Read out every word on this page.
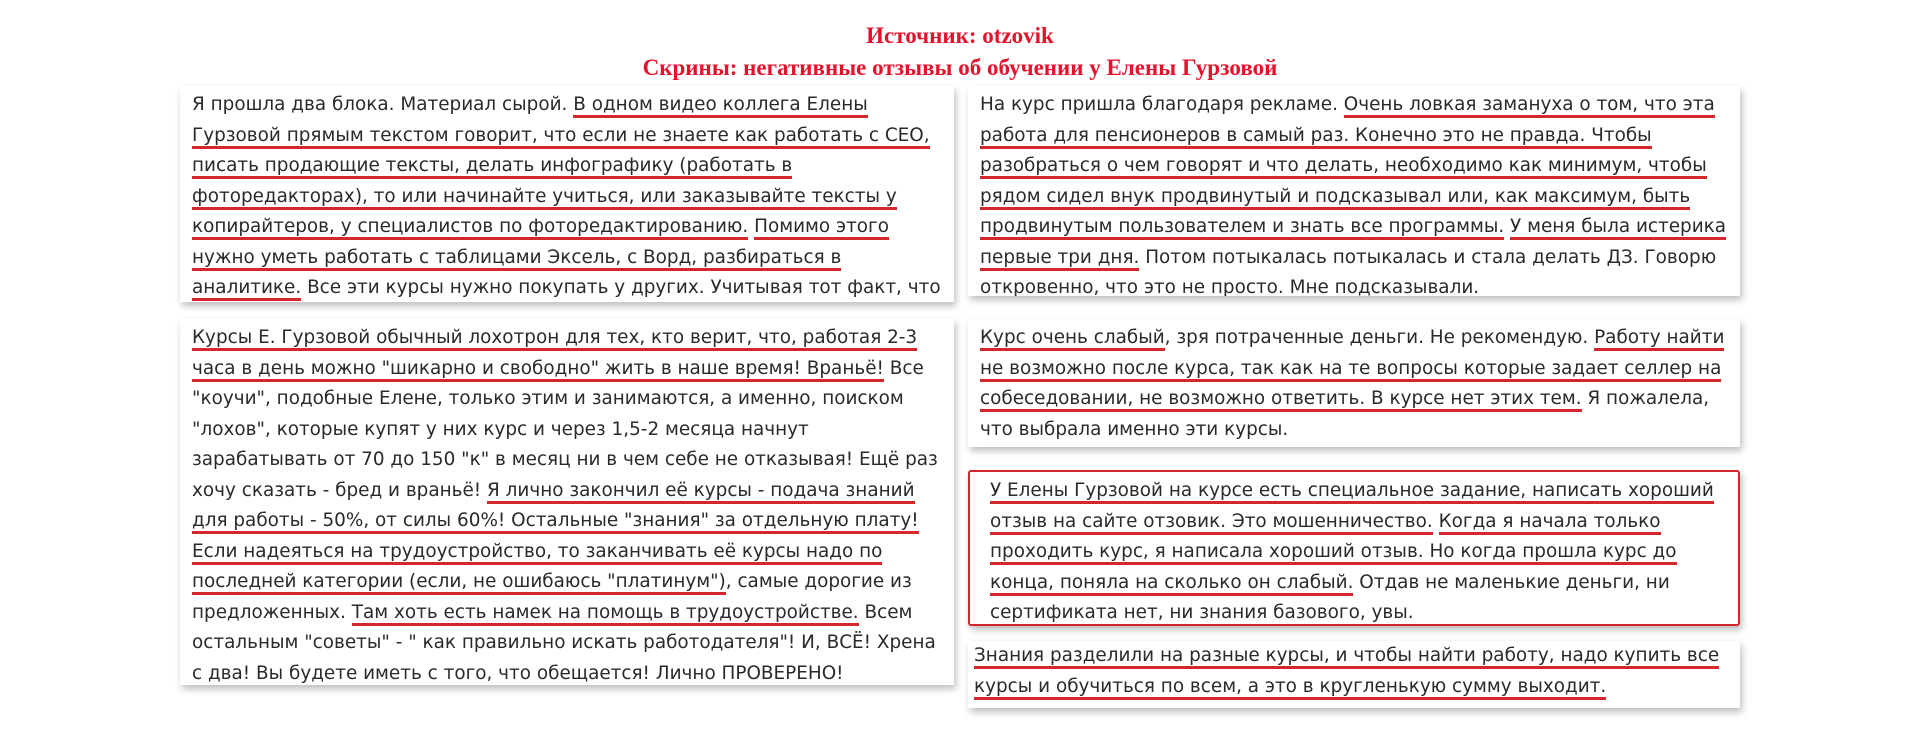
Источник: otzovik
Скрины: негативные отзывы об обучении у Елены Гурзовой
Я прошла два блока. Материал сырой. В одном видео коллега Елены Гурзовой прямым текстом говорит, что если не знаете как работать с СЕО, писать продающие тексты, делать инфографику (работать в фоторедакторах), то или начинайте учиться, или заказывайте тексты у копирайтеров, у специалистов по фоторедактированию. Помимо этого нужно уметь работать с таблицами Эксель, с Ворд, разбираться в аналитике. Все эти курсы нужно покупать у других. Учитывая тот факт, что
На курс пришла благодаря рекламе. Очень ловкая замануха о том, что эта работа для пенсионеров в самый раз. Конечно это не правда. Чтобы разобраться о чем говорят и что делать, необходимо как минимум, чтобы рядом сидел внук продвинутый и подсказывал или, как максимум, быть продвинутым пользователем и знать все программы. У меня была истерика первые три дня. Потом потыкалась потыкалась и стала делать ДЗ. Говорю откровенно, что это не просто. Мне подсказывали.
Курсы Е. Гурзовой обычный лохотрон для тех, кто верит, что, работая 2-3 часа в день можно "шикарно и свободно" жить в наше время! Враньё! Все "коучи", подобные Елене, только этим и занимаются, а именно, поиском "лохов", которые купят у них курс и через 1,5-2 месяца начнут зарабатывать от 70 до 150 "к" в месяц ни в чем себе не отказывая! Ещё раз хочу сказать - бред и враньё! Я лично закончил её курсы - подача знаний для работы - 50%, от силы 60%! Остальные "знания" за отдельную плату! Если надеяться на трудоустройство, то заканчивать её курсы надо по последней категории (если, не ошибаюсь "платинум"), самые дорогие из предложенных. Там хоть есть намек на помощь в трудоустройстве. Всем остальным "советы" - " как правильно искать работодателя"! И, ВСЁ! Хрена с два! Вы будете иметь с того, что обещается! Лично ПРОВЕРЕНО!
Курс очень слабый, зря потраченные деньги. Не рекомендую. Работу найти не возможно после курса, так как на те вопросы которые задает селлер на собеседовании, не возможно ответить. В курсе нет этих тем. Я пожалела, что выбрала именно эти курсы.
У Елены Гурзовой на курсе есть специальное задание, написать хороший отзыв на сайте отзовик. Это мошенничество. Когда я начала только проходить курс, я написала хороший отзыв. Но когда прошла курс до конца, поняла на сколько он слабый. Отдав не маленькие деньги, ни сертификата нет, ни знания базового, увы.
Знания разделили на разные курсы, и чтобы найти работу, надо купить все курсы и обучиться по всем, а это в кругленькую сумму выходит.
